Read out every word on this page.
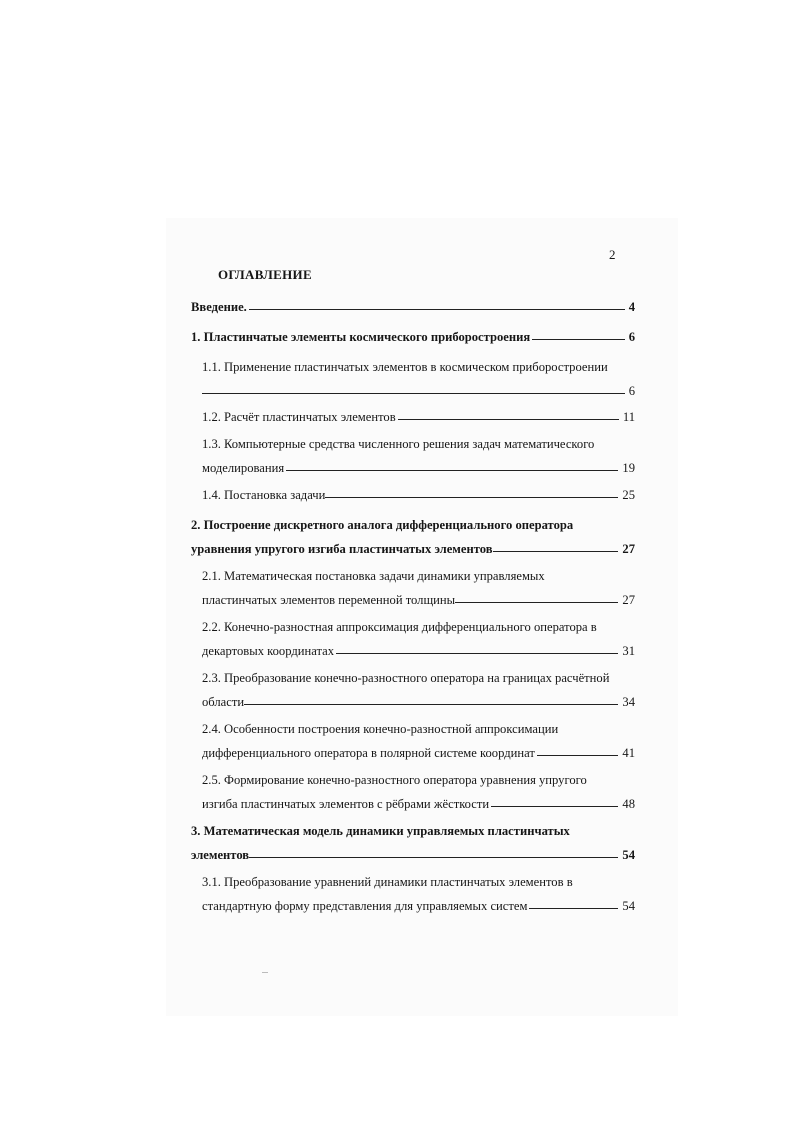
2
ОГЛАВЛЕНИЕ
Введение.	4
1. Пластинчатые элементы космического приборостроения	6
1.1. Применение пластинчатых элементов в космическом приборостроении
6
1.2. Расчёт пластинчатых элементов	11
1.3. Компьютерные средства численного решения задач математического
моделирования	19
1.4. Постановка задачи	25
2. Построение дискретного аналога дифференциального оператора
уравнения упругого изгиба пластинчатых элементов	27
2.1. Математическая постановка задачи динамики управляемых
пластинчатых элементов переменной толщины	27
2.2. Конечно-разностная аппроксимация дифференциального оператора в
декартовых координатах	31
2.3. Преобразование конечно-разностного оператора на границах расчётной
области	34
2.4. Особенности построения конечно-разностной аппроксимации
дифференциального оператора в полярной системе координат	41
2.5. Формирование конечно-разностного оператора уравнения упругого
изгиба пластинчатых элементов с рёбрами жёсткости	48
3. Математическая модель динамики управляемых пластинчатых
элементов	54
3.1. Преобразование уравнений динамики пластинчатых элементов в
стандартную форму представления для управляемых систем	54
